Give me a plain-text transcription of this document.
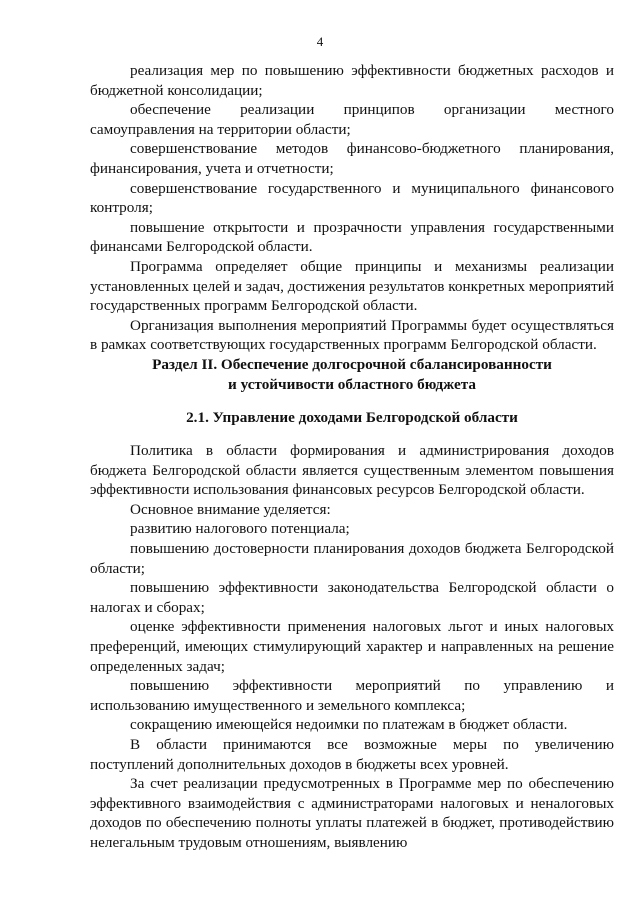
4

реализация мер по повышению эффективности бюджетных расходов и бюджетной консолидации;

обеспечение реализации принципов организации местного самоуправления на территории области;

совершенствование методов финансово-бюджетного планирования, финансирования, учета и отчетности;

совершенствование государственного и муниципального финансового контроля;

повышение открытости и прозрачности управления государственными финансами Белгородской области.

Программа определяет общие принципы и механизмы реализации установленных целей и задач, достижения результатов конкретных мероприятий государственных программ Белгородской области.

Организация выполнения мероприятий Программы будет осуществляться в рамках соответствующих государственных программ Белгородской области.

Раздел II. Обеспечение долгосрочной сбалансированности
и устойчивости областного бюджета
2.1. Управление доходами Белгородской области

Политика в области формирования и администрирования доходов бюджета Белгородской области является существенным элементом повышения эффективности использования финансовых ресурсов Белгородской области.

Основное внимание уделяется:

развитию налогового потенциала;

повышению достоверности планирования доходов бюджета Белгородской области;

повышению эффективности законодательства Белгородской области о налогах и сборах;

оценке эффективности применения налоговых льгот и иных налоговых преференций, имеющих стимулирующий характер и направленных на решение определенных задач;

повышению эффективности мероприятий по управлению и использованию имущественного и земельного комплекса;

сокращению имеющейся недоимки по платежам в бюджет области.

В области принимаются все возможные меры по увеличению поступлений дополнительных доходов в бюджеты всех уровней.

За счет реализации предусмотренных в Программе мер по обеспечению эффективного взаимодействия с администраторами налоговых и неналоговых доходов по обеспечению полноты уплаты платежей в бюджет, противодействию нелегальным трудовым отношениям, выявлению
